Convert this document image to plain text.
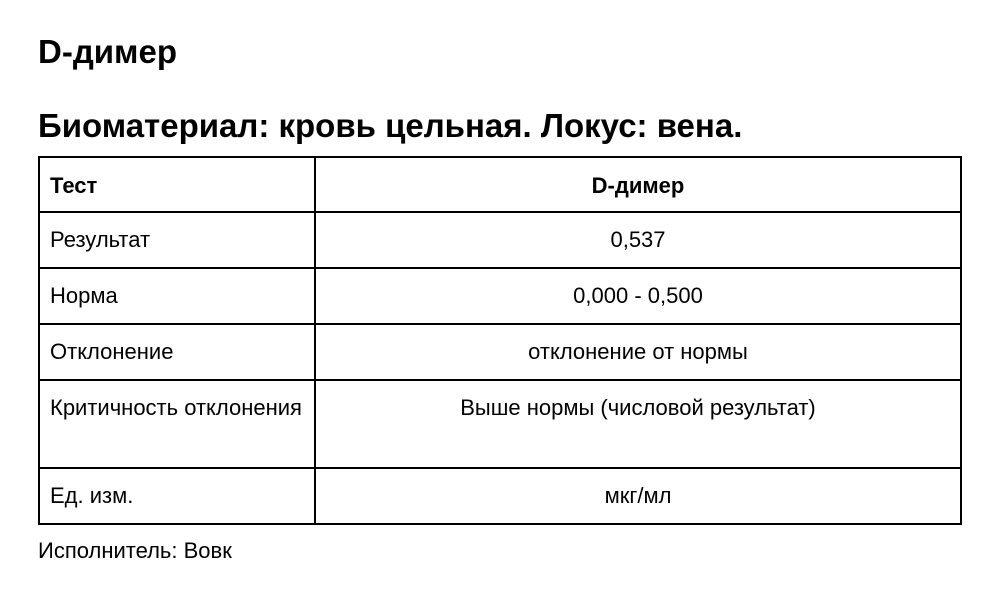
D-димер
Биоматериал: кровь цельная. Локус: вена.
Тест	D-димер
Результат	0,537
Норма	0,000 - 0,500
Отклонение	отклонение от нормы
Критичность отклонения	Выше нормы (числовой результат)
Ед. изм.	мкг/мл

Исполнитель: Вовк
